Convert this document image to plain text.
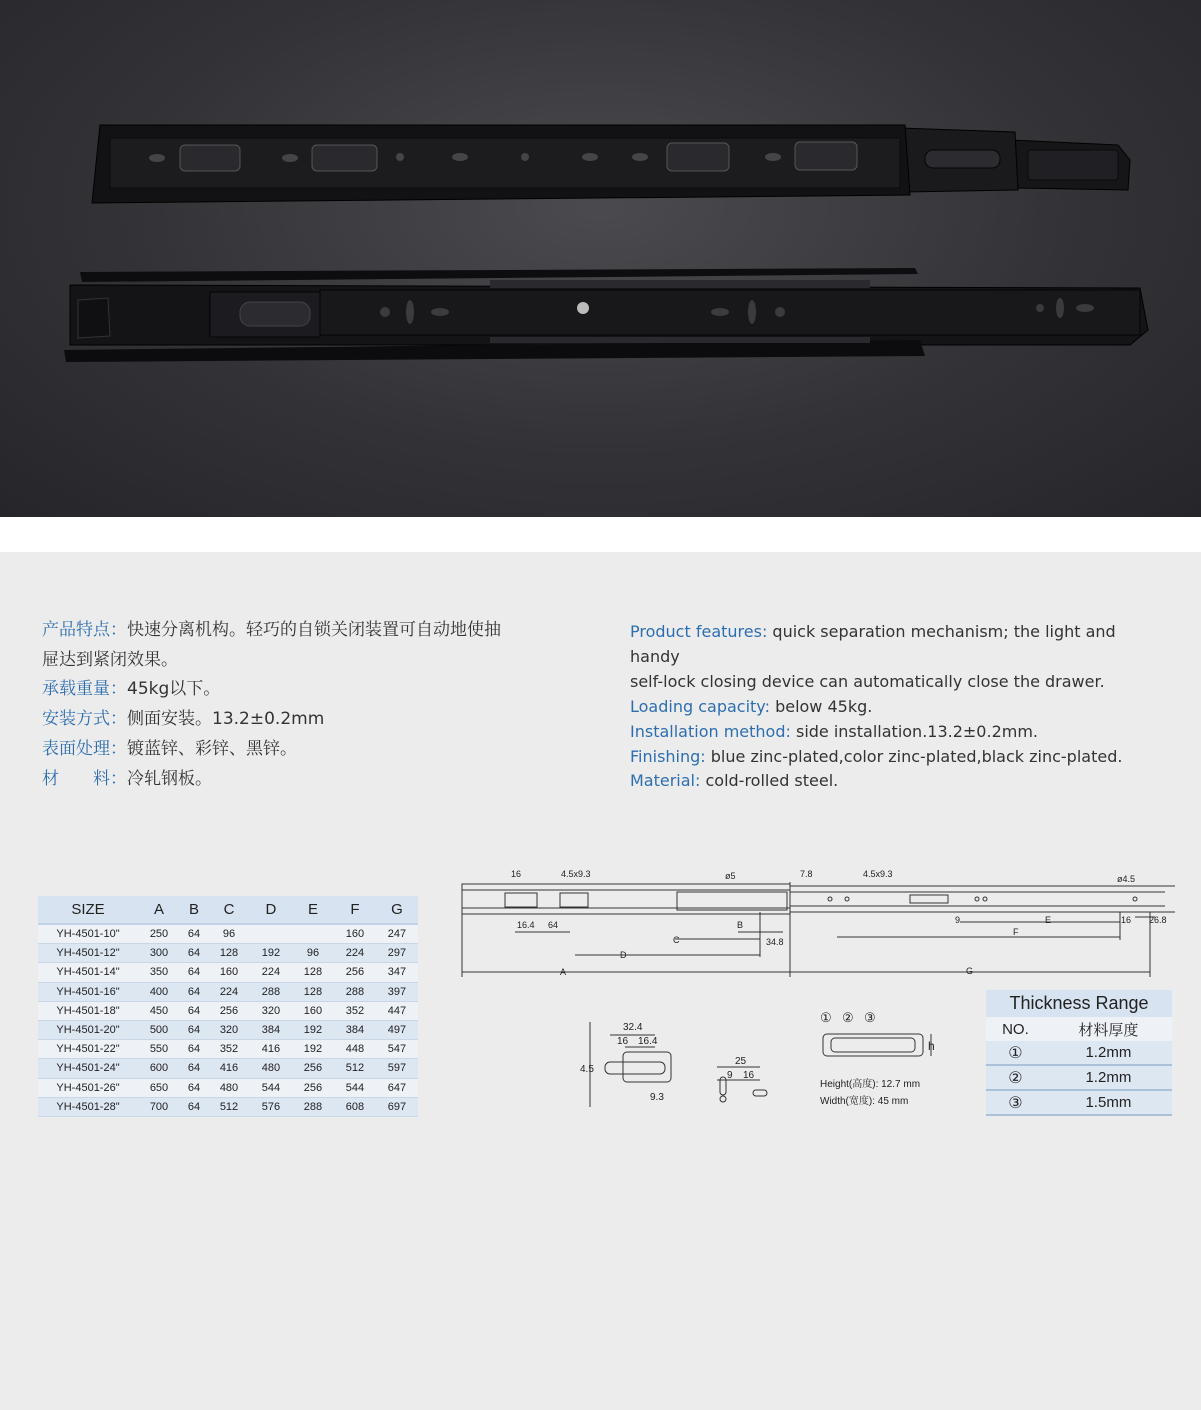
产品特点：快速分离机构。轻巧的自锁关闭装置可自动地使抽
屉达到紧闭效果。
承载重量：45kg以下。
安装方式：侧面安装。13.2±0.2mm
表面处理：镀蓝锌、彩锌、黑锌。
材　　料：冷轧钢板。
Product features: quick separation mechanism; the light and handy
self-lock closing device can automatically close the drawer.
Loading capacity: below 45kg.
Installation method: side installation.13.2±0.2mm.
Finishing: blue zinc-plated,color zinc-plated,black zinc-plated.
Material: cold-rolled steel.
SIZE	A	B	C	D	E	F	G
YH-4501-10"	250	64	96			160	247
YH-4501-12"	300	64	128	192	96	224	297
YH-4501-14"	350	64	160	224	128	256	347
YH-4501-16"	400	64	224	288	128	288	397
YH-4501-18"	450	64	256	320	160	352	447
YH-4501-20"	500	64	320	384	192	384	497
YH-4501-22"	550	64	352	416	192	448	547
YH-4501-24"	600	64	416	480	256	512	597
YH-4501-26"	650	64	480	544	256	544	647
YH-4501-28"	700	64	512	576	288	608	697
16	4.5x9.3	ø5	7.8	4.5x9.3	ø4.5
16.4 64	B
C	34.8
9	E	16 26.8
F
D
A	G
32.4
16 16.4
4.5
9.3
25
9 16
① ② ③
h
Height(高度): 12.7 mm
Width(宽度): 45 mm
Thickness Range
NO.	材料厚度
①	1.2mm
②	1.2mm
③	1.5mm
